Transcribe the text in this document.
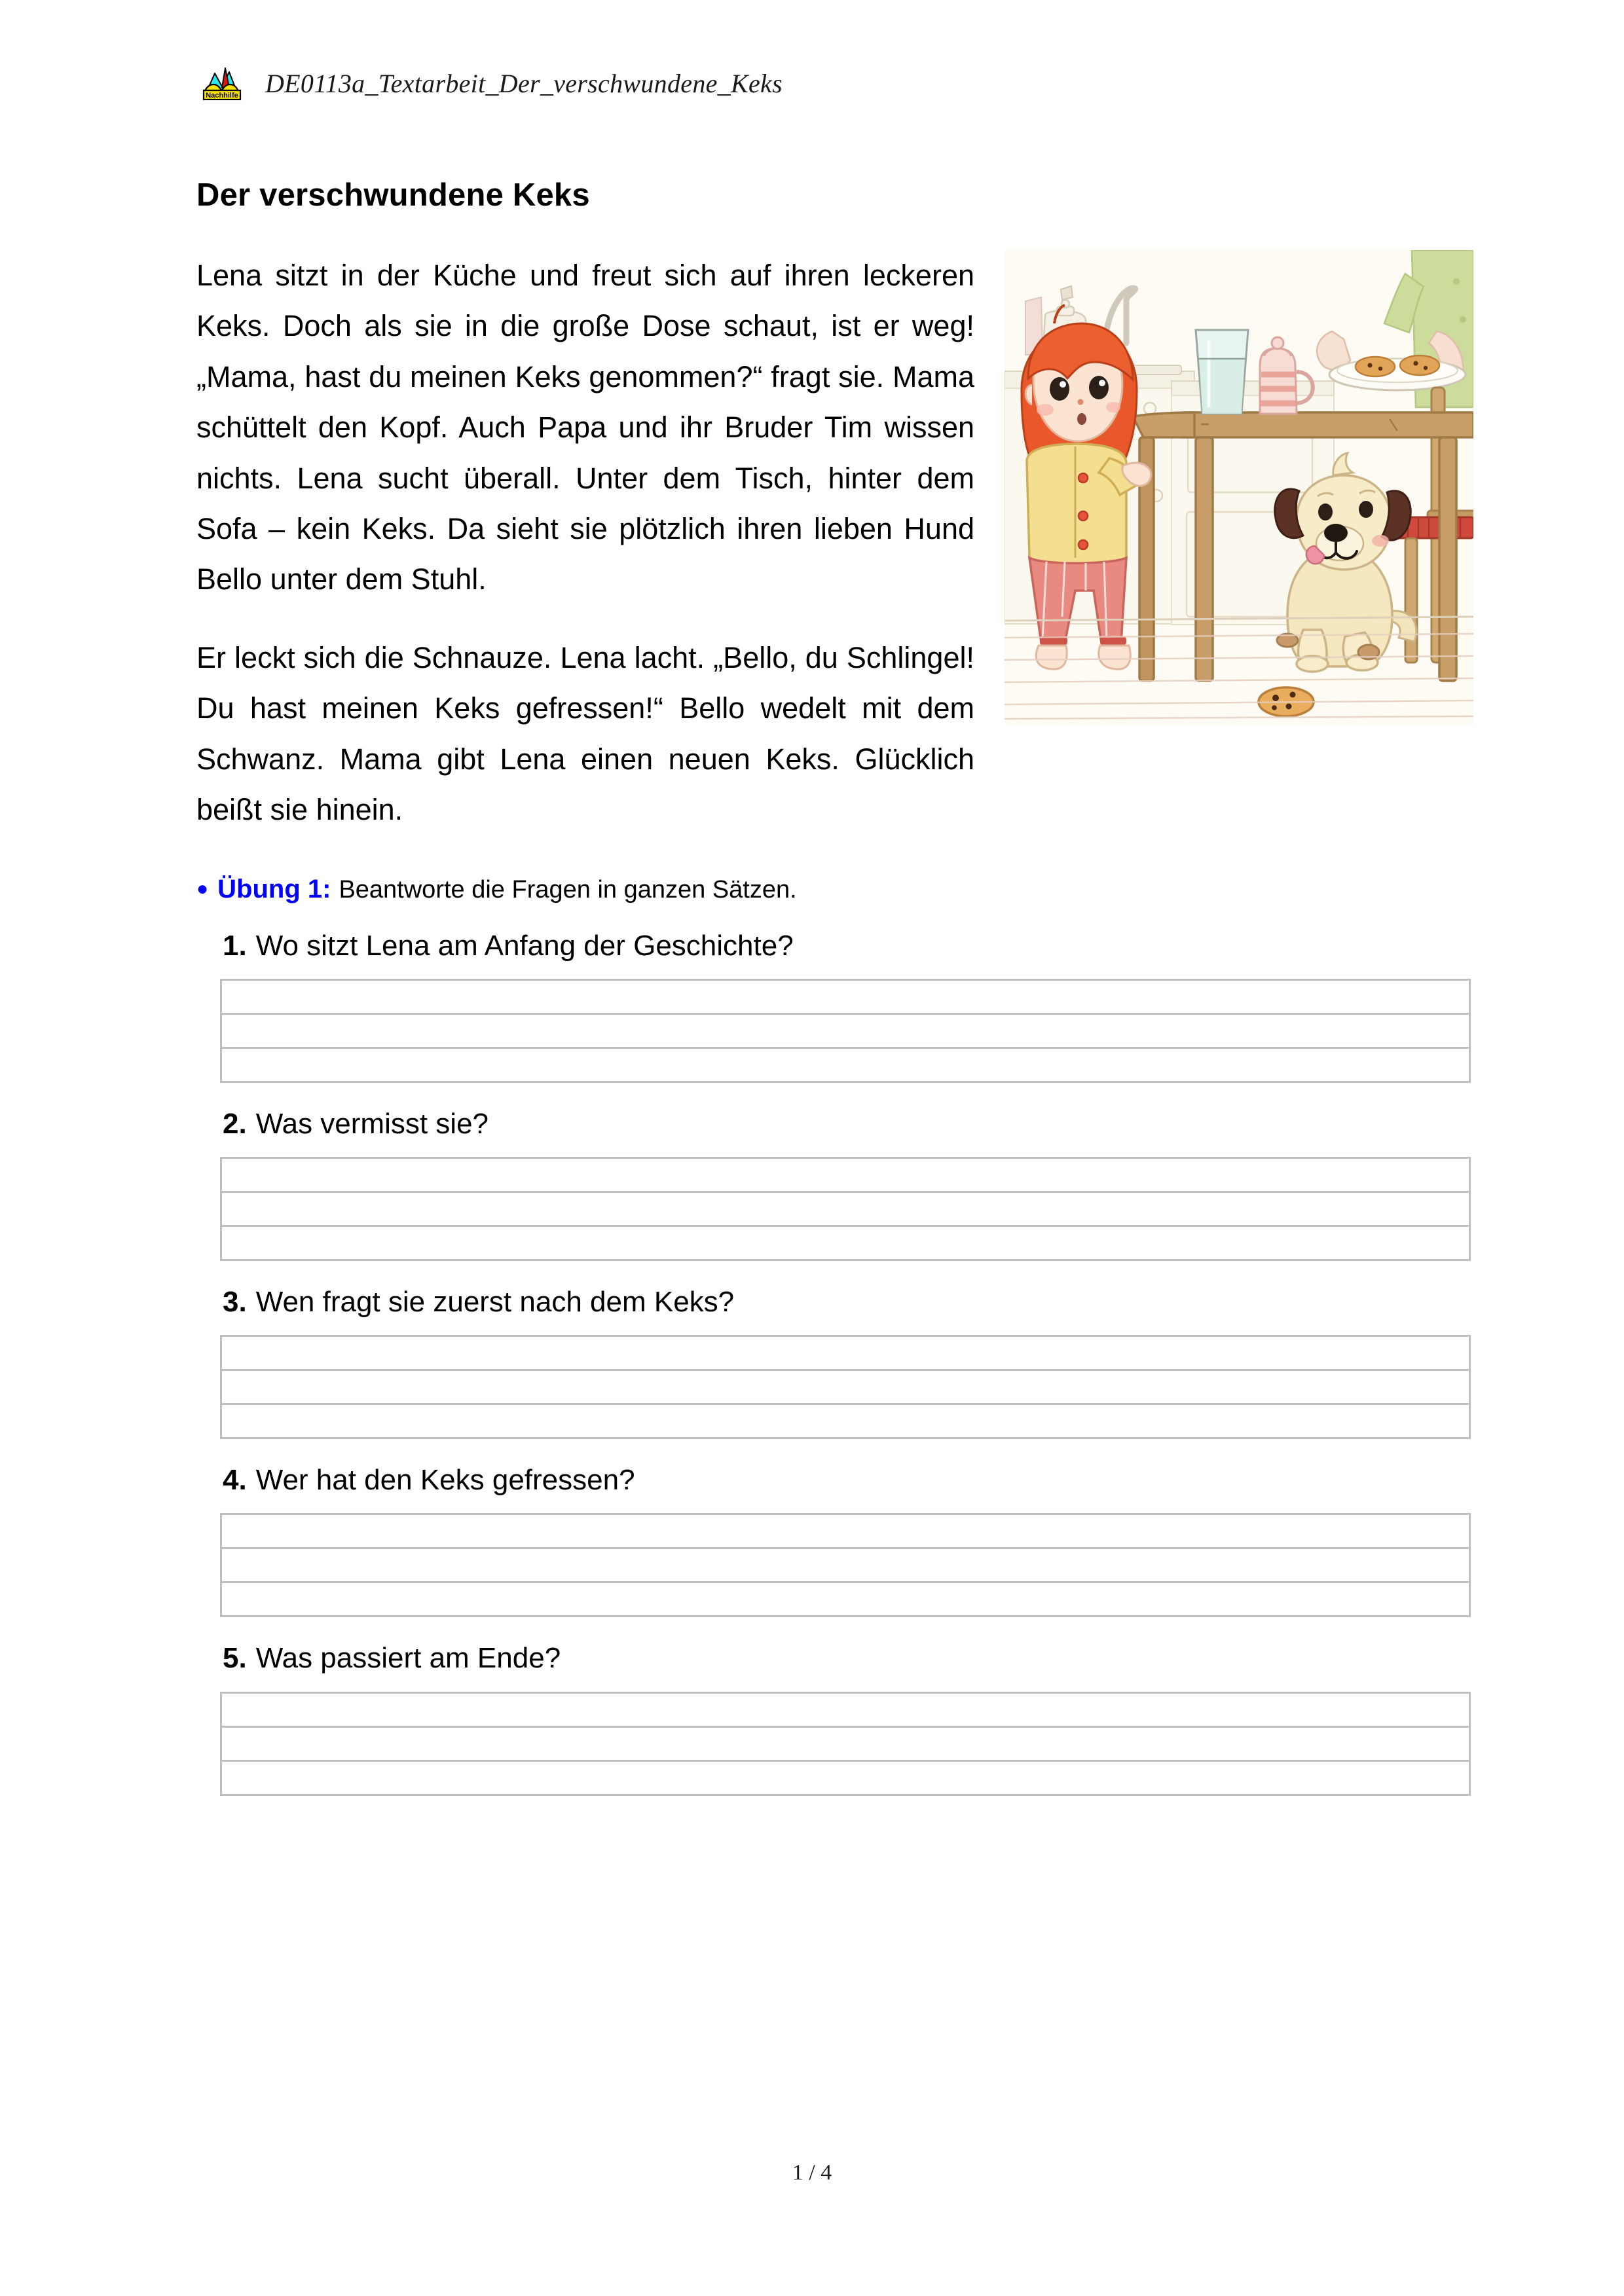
Nachhilfe DE0113a_Textarbeit_Der_verschwundene_Keks
Der verschwundene Keks

Lena sitzt in der Küche und freut sich auf ihren leckeren Keks. Doch als sie in die große Dose schaut, ist er weg! „Mama, hast du meinen Keks genommen?“ fragt sie. Mama schüttelt den Kopf. Auch Papa und ihr Bruder Tim wissen nichts. Lena sucht überall. Unter dem Tisch, hinter dem Sofa – kein Keks. Da sieht sie plötzlich ihren lieben Hund Bello unter dem Stuhl.

Er leckt sich die Schnauze. Lena lacht. „Bello, du Schlingel! Du hast meinen Keks gefressen!“ Bello wedelt mit dem Schwanz. Mama gibt Lena einen neuen Keks. Glücklich beißt sie hinein.

● Übung 1: Beantworte die Fragen in ganzen Sätzen.
1. Wo sitzt Lena am Anfang der Geschichte?

2. Was vermisst sie?

3. Wen fragt sie zuerst nach dem Keks?

4. Wer hat den Keks gefressen?

5. Was passiert am Ende?

1 / 4
